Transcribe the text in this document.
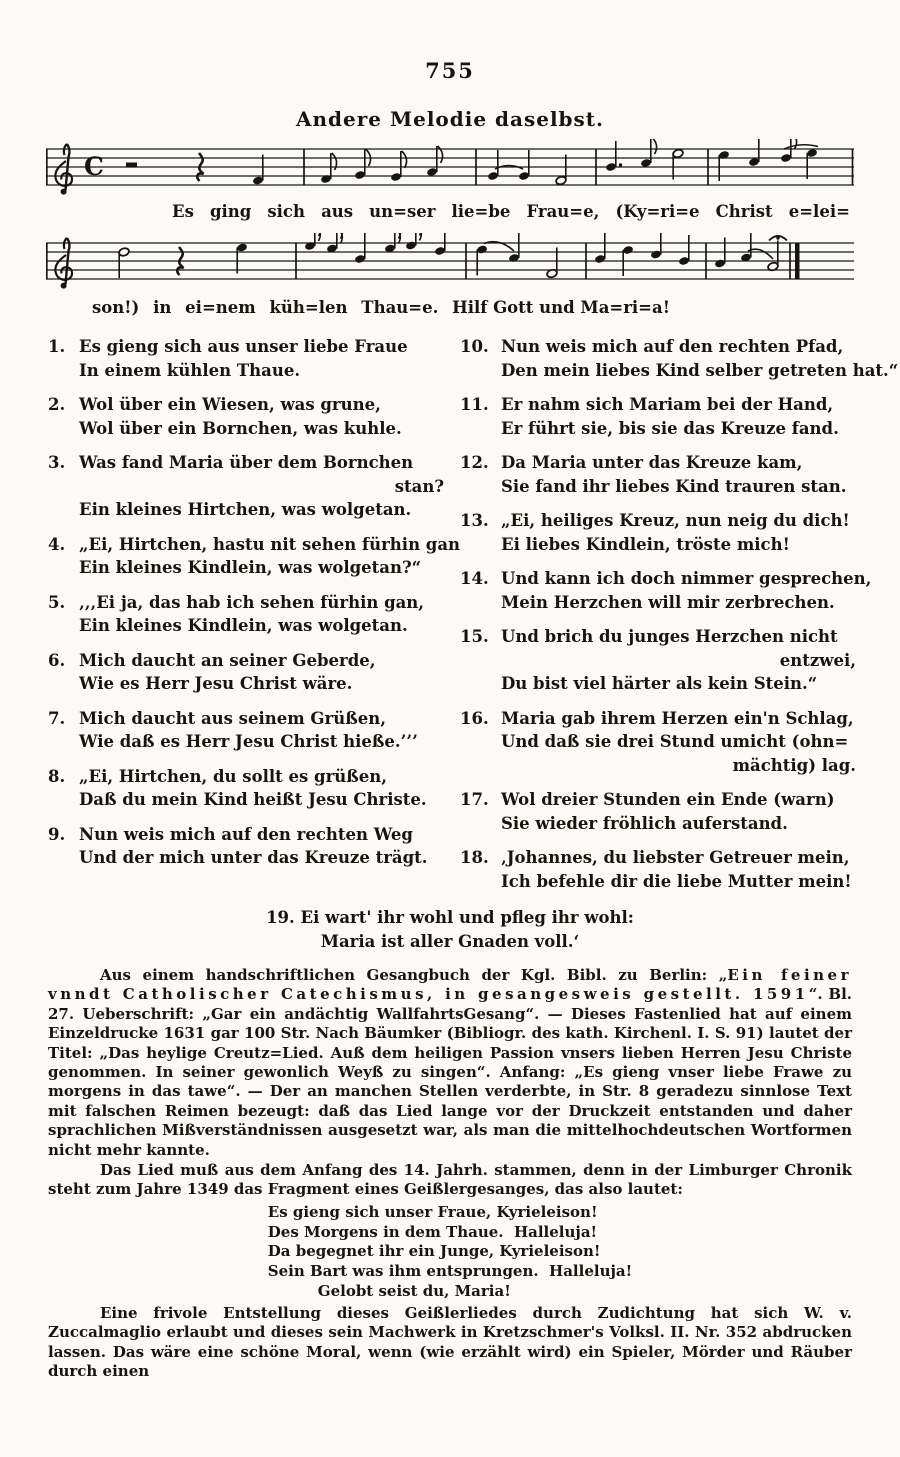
755
Andere Melodie daselbst.
C
Es ging sich aus un=ser lie=be Frau=e, (Ky=ri=e Christ e=lei=
son!) in ei=nem küh=len Thau=e. Hilf Gott und Ma=ri=a!
1. Es gieng sich aus unser liebe Fraue
In einem kühlen Thaue.
2. Wol über ein Wiesen, was grune,
Wol über ein Bornchen, was kuhle.
3. Was fand Maria über dem Bornchen
stan?
Ein kleines Hirtchen, was wolgetan.
4. „Ei, Hirtchen, hastu nit sehen fürhin gan
Ein kleines Kindlein, was wolgetan?“
5. ‚‚‚Ei ja, das hab ich sehen fürhin gan,
Ein kleines Kindlein, was wolgetan.
6. Mich daucht an seiner Geberde,
Wie es Herr Jesu Christ wäre.
7. Mich daucht aus seinem Grüßen,
Wie daß es Herr Jesu Christ hieße.’’’
8. „Ei, Hirtchen, du sollt es grüßen,
Daß du mein Kind heißt Jesu Christe.
9. Nun weis mich auf den rechten Weg
Und der mich unter das Kreuze trägt.
10. Nun weis mich auf den rechten Pfad,
Den mein liebes Kind selber getreten hat.“
11. Er nahm sich Mariam bei der Hand,
Er führt sie, bis sie das Kreuze fand.
12. Da Maria unter das Kreuze kam,
Sie fand ihr liebes Kind trauren stan.
13. „Ei, heiliges Kreuz, nun neig du dich!
Ei liebes Kindlein, tröste mich!
14. Und kann ich doch nimmer gesprechen,
Mein Herzchen will mir zerbrechen.
15. Und brich du junges Herzchen nicht
entzwei,
Du bist viel härter als kein Stein.“
16. Maria gab ihrem Herzen ein'n Schlag,
Und daß sie drei Stund umicht (ohn=
mächtig) lag.
17. Wol dreier Stunden ein Ende (warn)
Sie wieder fröhlich auferstand.
18. ‚Johannes, du liebster Getreuer mein,
Ich befehle dir die liebe Mutter mein!
19. Ei wart' ihr wohl und pfleg ihr wohl:
Maria ist aller Gnaden voll.‘

Aus einem handschriftlichen Gesangbuch der Kgl. Bibl. zu Berlin: „Ein feiner vnndt Catholischer Catechismus, in gesangesweis gestellt. 1591“. Bl. 27. Ueberschrift: „Gar ein andächtig WallfahrtsGesang“. — Dieses Fastenlied hat auf einem Einzeldrucke 1631 gar 100 Str. Nach Bäumker (Bibliogr. des kath. Kirchenl. I. S. 91) lautet der Titel: „Das heylige Creutz=Lied. Auß dem heiligen Passion vnsers lieben Herren Jesu Christe genommen. In seiner gewonlich Weyß zu singen“. Anfang: „Es gieng vnser liebe Frawe zu morgens in das tawe“. — Der an manchen Stellen verderbte, in Str. 8 geradezu sinnlose Text mit falschen Reimen bezeugt: daß das Lied lange vor der Druckzeit entstanden und daher sprachlichen Mißverständnissen ausgesetzt war, als man die mittelhochdeutschen Wortformen nicht mehr kannte.

Das Lied muß aus dem Anfang des 14. Jahrh. stammen, denn in der Limburger Chronik steht zum Jahre 1349 das Fragment eines Geißlergesanges, das also lautet:

Es gieng sich unser Fraue, Kyrieleison!
Des Morgens in dem Thaue.  Halleluja!
Da begegnet ihr ein Junge, Kyrieleison!
Sein Bart was ihm entsprungen.  Halleluja!
Gelobt seist du, Maria!

Eine frivole Entstellung dieses Geißlerliedes durch Zudichtung hat sich W. v. Zuccalmaglio erlaubt und dieses sein Machwerk in Kretzschmer's Volksl. II. Nr. 352 abdrucken lassen. Das wäre eine schöne Moral, wenn (wie erzählt wird) ein Spieler, Mörder und Räuber durch einen
